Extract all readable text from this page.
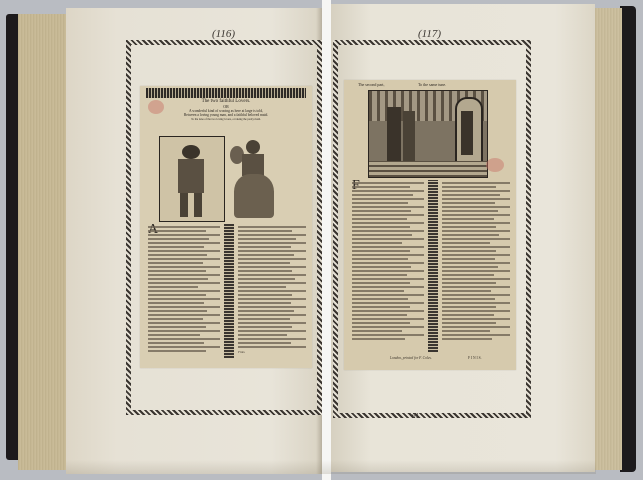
(116)	(117)
The two faithful Lovers.
OR
A wonderful kind of wooing as here at large is told,
Between a loving young man, and a faithful beloved maid.
To the tune of the two loving lovers, or taking the pretty maid.
Finis.
The second part,	To the same tune.
London, printed for F. Coles.	F I N I S.
61
